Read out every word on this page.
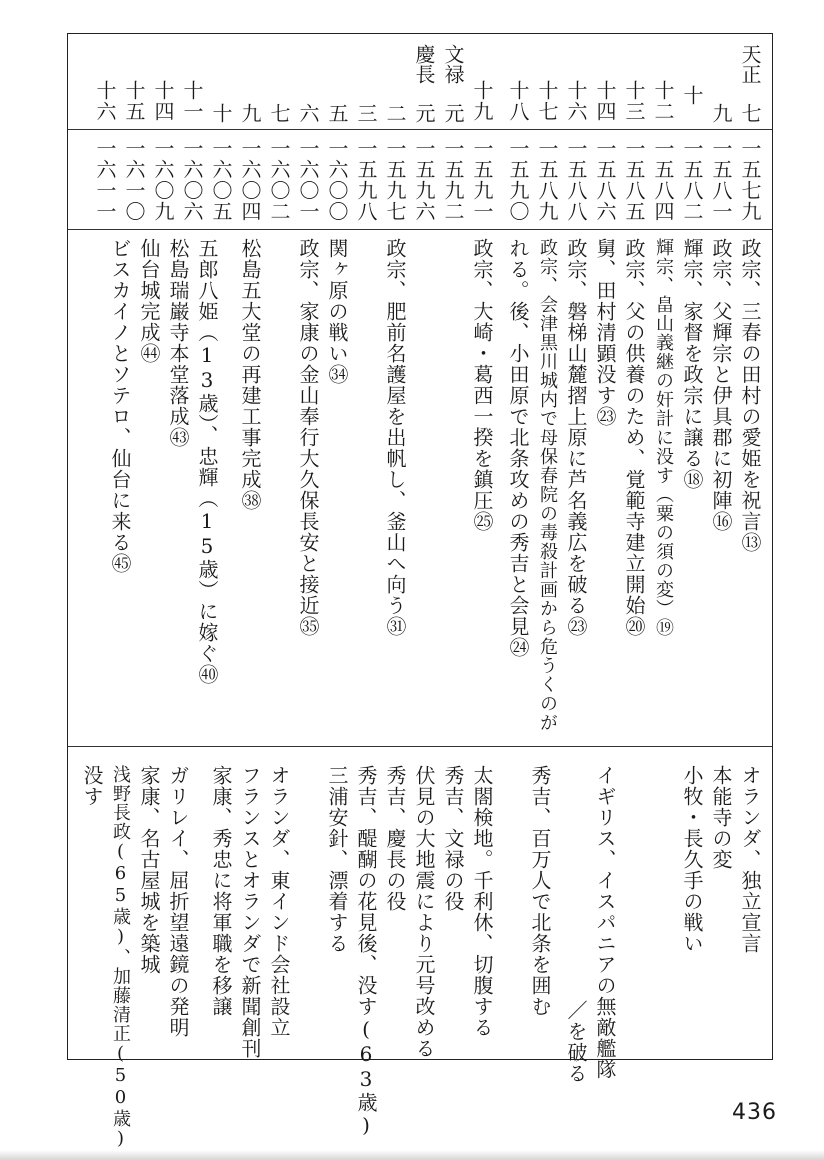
天正
文禄
慶長
七
九
十
十二
十三
十四
十六
十七
十八
十九
元
元
二
三
五
六
七
九
十
十一
十四
十五
十六
一五七九
一五八一
一五八二
一五八四
一五八五
一五八六
一五八八
一五八九
一五九〇
一五九一
一五九二
一五九六
一五九七
一五九八
一六〇〇
一六〇一
一六〇二
一六〇四
一六〇五
一六〇六
一六〇九
一六一〇
一六一一
政宗、三春の田村の愛姫を祝言⑬
政宗、父輝宗と伊具郡に初陣⑯
輝宗、家督を政宗に譲る⑱
輝宗、畠山義継の奸計に没す（粟の須の変）⑲
政宗、父の供養のため、覚範寺建立開始⑳
舅、田村清顕没す㉓
政宗、磐梯山麓摺上原に芦名義広を破る㉓
政宗、会津黒川城内で母保春院の毒殺計画から危うくのが
れる。後、小田原で北条攻めの秀吉と会見㉔
政宗、大崎・葛西一揆を鎮圧㉕
政宗、肥前名護屋を出帆し、釜山へ向う㉛
関ヶ原の戦い㉞
政宗、家康の金山奉行大久保長安と接近㉟
松島五大堂の再建工事完成㊳
五郎八姫（13歳）、忠輝（15歳）に嫁ぐ㊵
松島瑞巌寺本堂落成㊸
仙台城完成㊹
ビスカイノとソテロ、仙台に来る㊺
オランダ、独立宣言
本能寺の変
小牧・長久手の戦い
イギリス、イスパニアの無敵艦隊
／を破る
秀吉、百万人で北条を囲む
太閤検地。千利休、切腹する
秀吉、文禄の役
伏見の大地震により元号改める
秀吉、慶長の役
秀吉、醍醐の花見後、没す(63歳)
三浦安針、漂着する
オランダ、東インド会社設立
フランスとオランダで新聞創刊
家康、秀忠に将軍職を移譲
ガリレイ、屈折望遠鏡の発明
家康、名古屋城を築城
浅野長政(65歳)、加藤清正(50歳)
没す
436
